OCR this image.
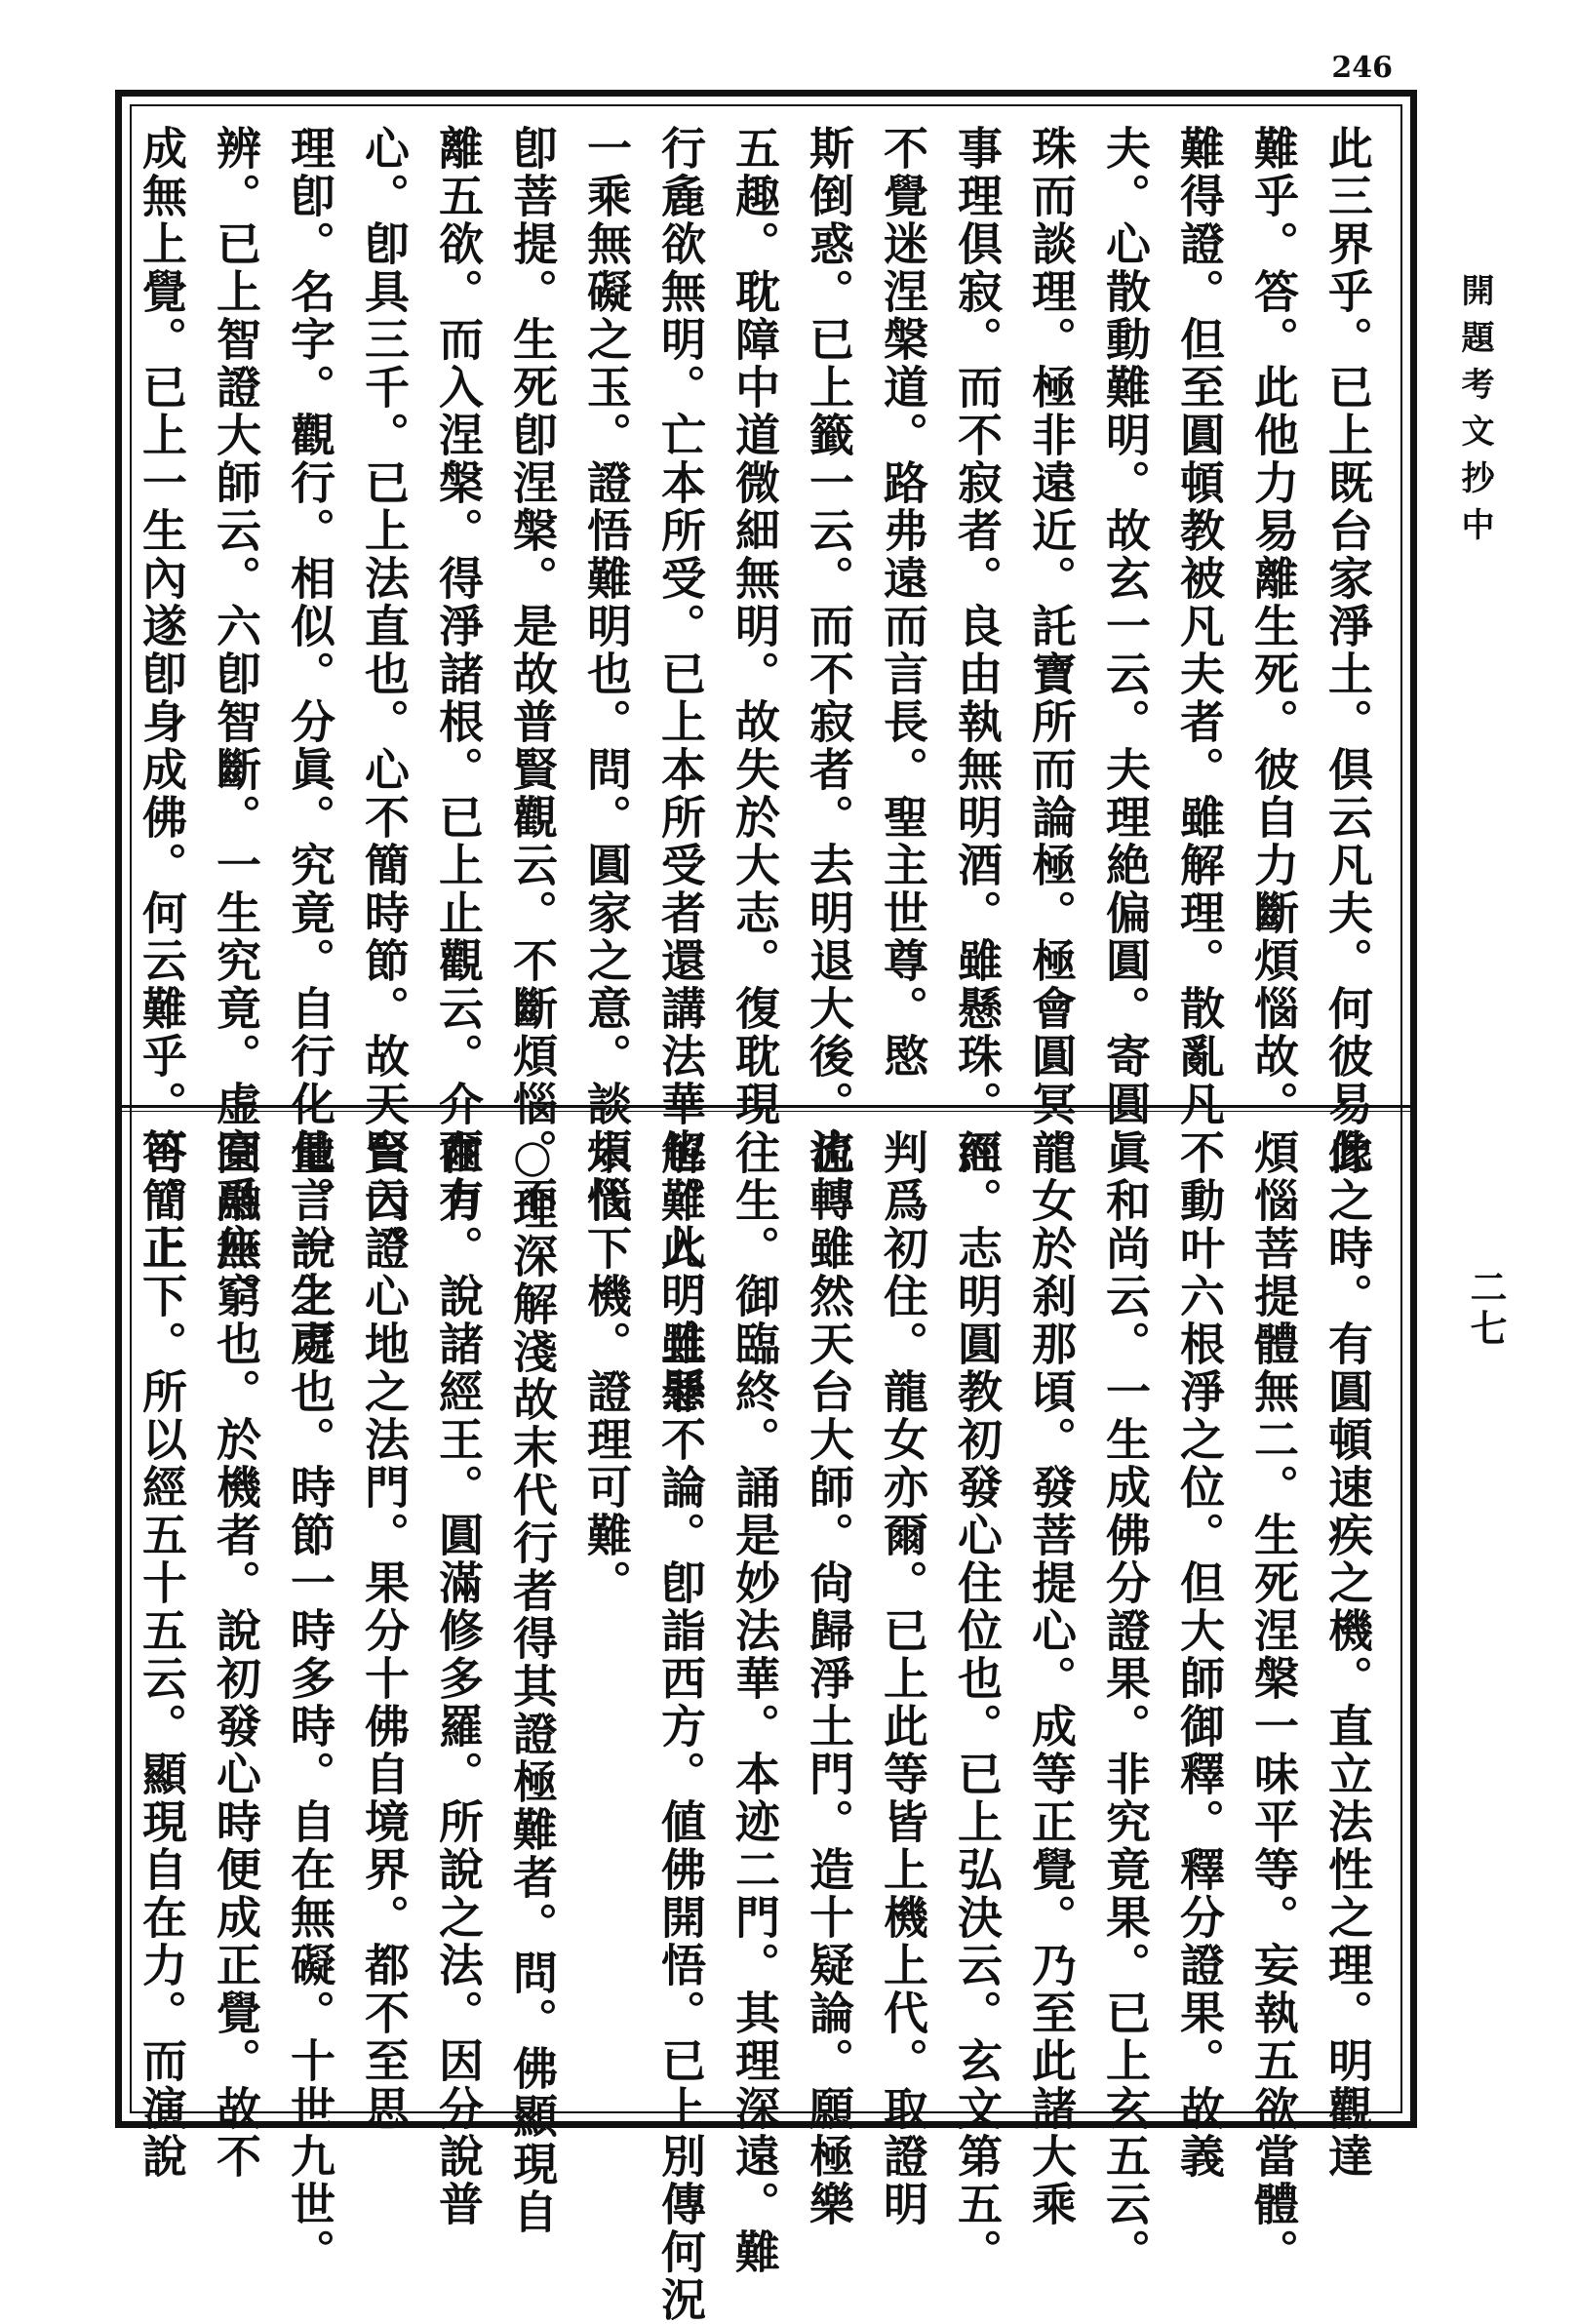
246
此三界乎。已上既台家淨土。倶云凡夫。何彼易此
難乎。答。此他力易離生死。彼自力斷煩惱故。
難得證。但至圓頓教被凡夫者。雖解理。散亂凡
夫。心散動難明。故玄一云。夫理絶偏圓。寄圓
珠而談理。極非遠近。託寶所而論極。極會圓冥。
事理倶寂。而不寂者。良由執無明酒。雖懸珠。而
不覺迷涅槃道。路弗遠而言長。聖主世尊。愍
斯倒惑。已上籤一云。而不寂者。去明退大後。流轉
五趣。耽障中道微細無明。故失於大志。復耽現
行麁欲無明。亡本所受。已上本所受者還講法華也。此明雖懸
一乘無礙之玉。證悟難明也。問。圓家之意。談煩惱
卽菩提。生死卽涅槃。是故普賢觀云。不斷煩惱。不
離五欲。而入涅槃。得淨諸根。已上止觀云。介爾有
心。卽具三千。已上法直也。心不簡時節。故天台云。
理卽。名字。觀行。相似。分眞。究竟。自行化他。一生可
辨。已上智證大師云。六卽智斷。一生究竟。虚空爲座。
成無上覺。已上一生內遂卽身成佛。何云難乎。答。正
像之時。有圓頓速疾之機。直立法性之理。明觀達
煩惱菩提體無二。生死涅槃一味平等。妄執五欲當體。
不動叶六根淨之位。但大師御釋。釋分證果。故義
眞和尚云。一生成佛分證果。非究竟果。已上玄五云。
龍女於刹那頃。發菩提心。成等正覺。乃至此諸大乘
經。志明圓教初發心住位也。已上弘決云。玄文第五。
判爲初住。龍女亦爾。已上此等皆上機上代。取證明
也。雖然天台大師。尙歸淨土門。造十疑論。願極樂
往生。御臨終。誦是妙法華。本迹二門。其理深遠。難
解難入。且罪不論。卽詣西方。値佛開悟。已上別傳何況
末代下機。證理可難。
○理深解淺故末代行者得其證極難者。問。佛顯現自
在力。說諸經王。圓滿修多羅。所說之法。因分說普
賢內證心地之法門。果分十佛自境界。都不至思
量言說之處也。時節一時多時。自在無礙。十世九世。
圓融無窮也。於機者。說初發心時便成正覺。故不
可簡上下。所以經五十五云。顯現自在力。而演說
開題考文抄中
二七
